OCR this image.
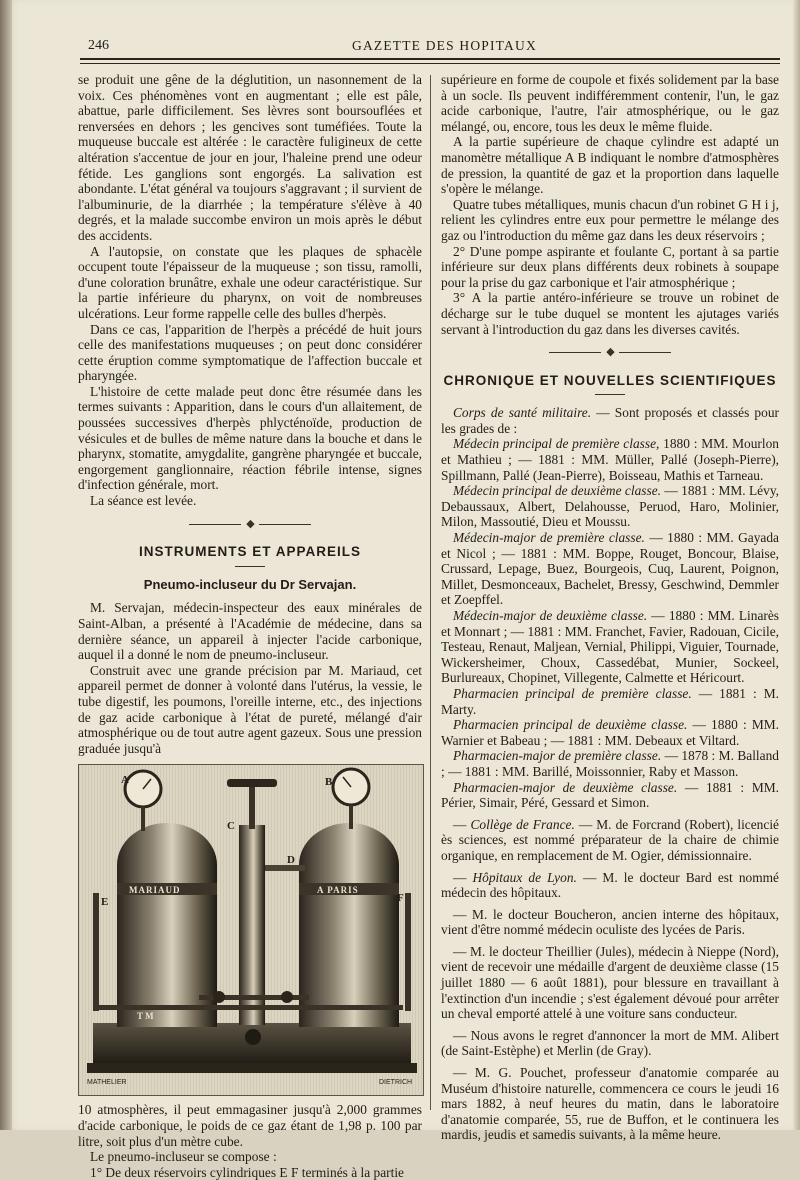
246	GAZETTE DES HOPITAUX

se produit une gêne de la déglutition, un nasonnement de la voix. Ces phénomènes vont en augmentant ; elle est pâle, abattue, parle difficilement. Ses lèvres sont boursouflées et renversées en dehors ; les gencives sont tuméfiées. Toute la muqueuse buccale est altérée : le caractère fuligineux de cette altération s'accentue de jour en jour, l'haleine prend une odeur fétide. Les ganglions sont engorgés. La salivation est abondante. L'état général va toujours s'aggravant ; il survient de l'albuminurie, de la diarrhée ; la température s'élève à 40 degrés, et la malade succombe environ un mois après le début des accidents.

A l'autopsie, on constate que les plaques de sphacèle occupent toute l'épaisseur de la muqueuse ; son tissu, ramolli, d'une coloration brunâtre, exhale une odeur caractéristique. Sur la partie inférieure du pharynx, on voit de nombreuses ulcérations. Leur forme rappelle celle des bulles d'herpès.

Dans ce cas, l'apparition de l'herpès a précédé de huit jours celle des manifestations muqueuses ; on peut donc considérer cette éruption comme symptomatique de l'affection buccale et pharyngée.

L'histoire de cette malade peut donc être résumée dans les termes suivants : Apparition, dans le cours d'un allaitement, de poussées successives d'herpès phlycténoïde, production de vésicules et de bulles de même nature dans la bouche et dans le pharynx, stomatite, amygdalite, gangrène pharyngée et buccale, engorgement ganglionnaire, réaction fébrile intense, signes d'infection générale, mort.

La séance est levée.

◆
INSTRUMENTS ET APPAREILS
Pneumo-incluseur du Dr Servajan.

M. Servajan, médecin-inspecteur des eaux minérales de Saint-Alban, a présenté à l'Académie de médecine, dans sa dernière séance, un appareil à injecter l'acide carbonique, auquel il a donné le nom de pneumo-incluseur.

Construit avec une grande précision par M. Mariaud, cet appareil permet de donner à volonté dans l'utérus, la vessie, le tube digestif, les poumons, l'oreille interne, etc., des injections de gaz acide carbonique à l'état de pureté, mélangé d'air atmosphérique ou de tout autre agent gazeux. Sous une pression graduée jusqu'à

A	B
C
D
E	F
T M
MARIAUD	A PARIS
MATHELIER	DIETRICH

10 atmosphères, il peut emmagasiner jusqu'à 2,000 grammes d'acide carbonique, le poids de ce gaz étant de 1,98 p. 100 par litre, soit plus d'un mètre cube.

Le pneumo-incluseur se compose :

1° De deux réservoirs cylindriques E F terminés à la partie

supérieure en forme de coupole et fixés solidement par la base à un socle. Ils peuvent indifféremment contenir, l'un, le gaz acide carbonique, l'autre, l'air atmosphérique, ou le gaz mélangé, ou, encore, tous les deux le même fluide.

A la partie supérieure de chaque cylindre est adapté un manomètre métallique A B indiquant le nombre d'atmosphères de pression, la quantité de gaz et la proportion dans laquelle s'opère le mélange.

Quatre tubes métalliques, munis chacun d'un robinet G H i j, relient les cylindres entre eux pour permettre le mélange des gaz ou l'introduction du même gaz dans les deux réservoirs ;

2° D'une pompe aspirante et foulante C, portant à sa partie inférieure sur deux plans différents deux robinets à soupape pour la prise du gaz carbonique et l'air atmosphérique ;

3° A la partie antéro-inférieure se trouve un robinet de décharge sur le tube duquel se montent les ajutages variés servant à l'introduction du gaz dans les diverses cavités.

◆
CHRONIQUE ET NOUVELLES SCIENTIFIQUES

Corps de santé militaire. — Sont proposés et classés pour les grades de :

Médecin principal de première classe, 1880 : MM. Mourlon et Mathieu ; — 1881 : MM. Müller, Pallé (Joseph-Pierre), Spillmann, Pallé (Jean-Pierre), Boisseau, Mathis et Tarneau.

Médecin principal de deuxième classe. — 1881 : MM. Lévy, Debaussaux, Albert, Delahousse, Peruod, Haro, Molinier, Milon, Massoutié, Dieu et Moussu.

Médecin-major de première classe. — 1880 : MM. Gayada et Nicol ; — 1881 : MM. Boppe, Rouget, Boncour, Blaise, Crussard, Lepage, Buez, Bourgeois, Cuq, Laurent, Poignon, Millet, Desmonceaux, Bachelet, Bressy, Geschwind, Demmler et Zoepffel.

Médecin-major de deuxième classe. — 1880 : MM. Linarès et Monnart ; — 1881 : MM. Franchet, Favier, Radouan, Cicile, Testeau, Renaut, Maljean, Vernial, Philippi, Viguier, Tournade, Wickersheimer, Choux, Cassedébat, Munier, Sockeel, Burlureaux, Chopinet, Villegente, Calmette et Héricourt.

Pharmacien principal de première classe. — 1881 : M. Marty.

Pharmacien principal de deuxième classe. — 1880 : MM. Warnier et Babeau ; — 1881 : MM. Debeaux et Viltard.

Pharmacien-major de première classe. — 1878 : M. Balland ; — 1881 : MM. Barillé, Moissonnier, Raby et Masson.

Pharmacien-major de deuxième classe. — 1881 : MM. Périer, Simair, Péré, Gessard et Simon.

— Collège de France. — M. de Forcrand (Robert), licencié ès sciences, est nommé préparateur de la chaire de chimie organique, en remplacement de M. Ogier, démissionnaire.

— Hôpitaux de Lyon. — M. le docteur Bard est nommé médecin des hôpitaux.

— M. le docteur Boucheron, ancien interne des hôpitaux, vient d'être nommé médecin oculiste des lycées de Paris.

— M. le docteur Theillier (Jules), médecin à Nieppe (Nord), vient de recevoir une médaille d'argent de deuxième classe (15 juillet 1880 — 6 août 1881), pour blessure en travaillant à l'extinction d'un incendie ; s'est également dévoué pour arrêter un cheval emporté attelé à une voiture sans conducteur.

— Nous avons le regret d'annoncer la mort de MM. Alibert (de Saint-Estèphe) et Merlin (de Gray).

— M. G. Pouchet, professeur d'anatomie comparée au Muséum d'histoire naturelle, commencera ce cours le jeudi 16 mars 1882, à neuf heures du matin, dans le laboratoire d'anatomie comparée, 55, rue de Buffon, et le continuera les mardis, jeudis et samedis suivants, à la même heure.
